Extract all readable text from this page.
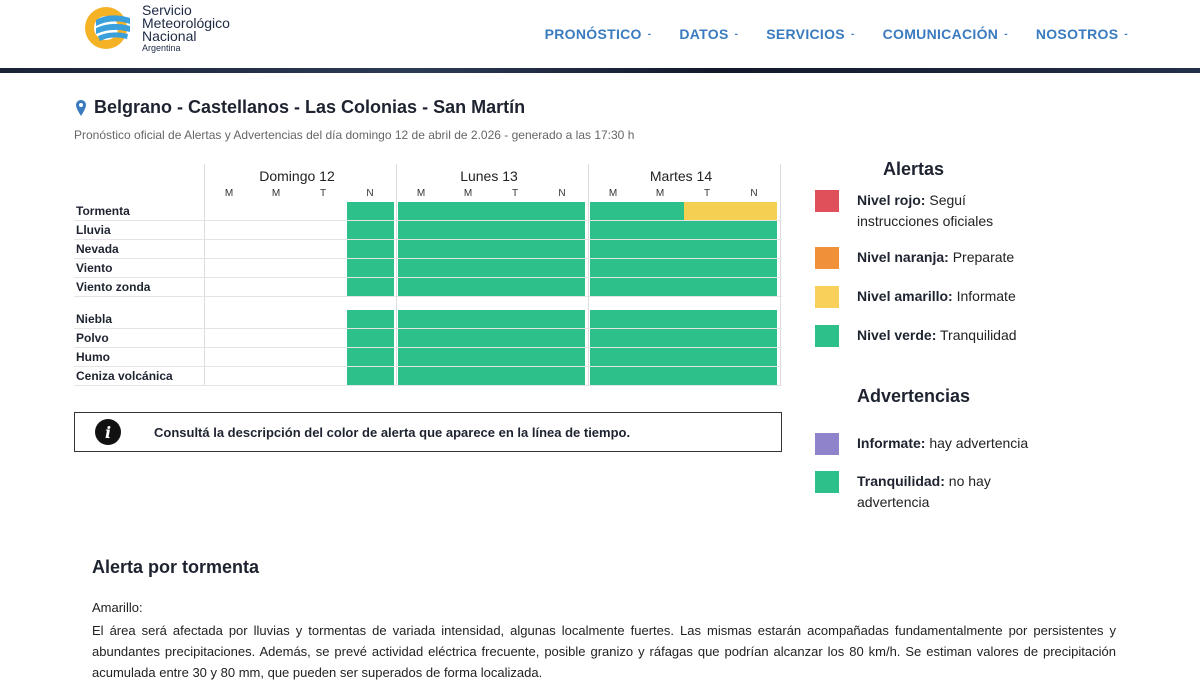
Servicio
Meteorológico
Nacional
Argentina
PRONÓSTICO - DATOS - SERVICIOS - COMUNICACIÓN - NOSOTROS -
Belgrano - Castellanos - Las Colonias - San Martín
Pronóstico oficial de Alertas y Advertencias del día domingo 12 de abril de 2.026 - generado a las 17:30 h
Domingo 12	Lunes 13	Martes 14
M	M	T	N	M	M	T	N	M	M	T	N
Tormenta
Lluvia
Nevada
Viento
Viento zonda
Niebla
Polvo
Humo
Ceniza volcánica
i	Consultá la descripción del color de alerta que aparece en la línea de tiempo.
Alertas
Nivel rojo: Seguí instrucciones oficiales
Nivel naranja: Preparate
Nivel amarillo: Informate
Nivel verde: Tranquilidad
Advertencias
Informate: hay advertencia
Tranquilidad: no hay advertencia
Alerta por tormenta
Amarillo:

El área será afectada por lluvias y tormentas de variada intensidad, algunas localmente fuertes. Las mismas estarán acompañadas fundamentalmente por persistentes y abundantes precipitaciones. Además, se prevé actividad eléctrica frecuente, posible granizo y ráfagas que podrían alcanzar los 80 km/h. Se estiman valores de precipitación acumulada entre 30 y 80 mm, que pueden ser superados de forma localizada.
